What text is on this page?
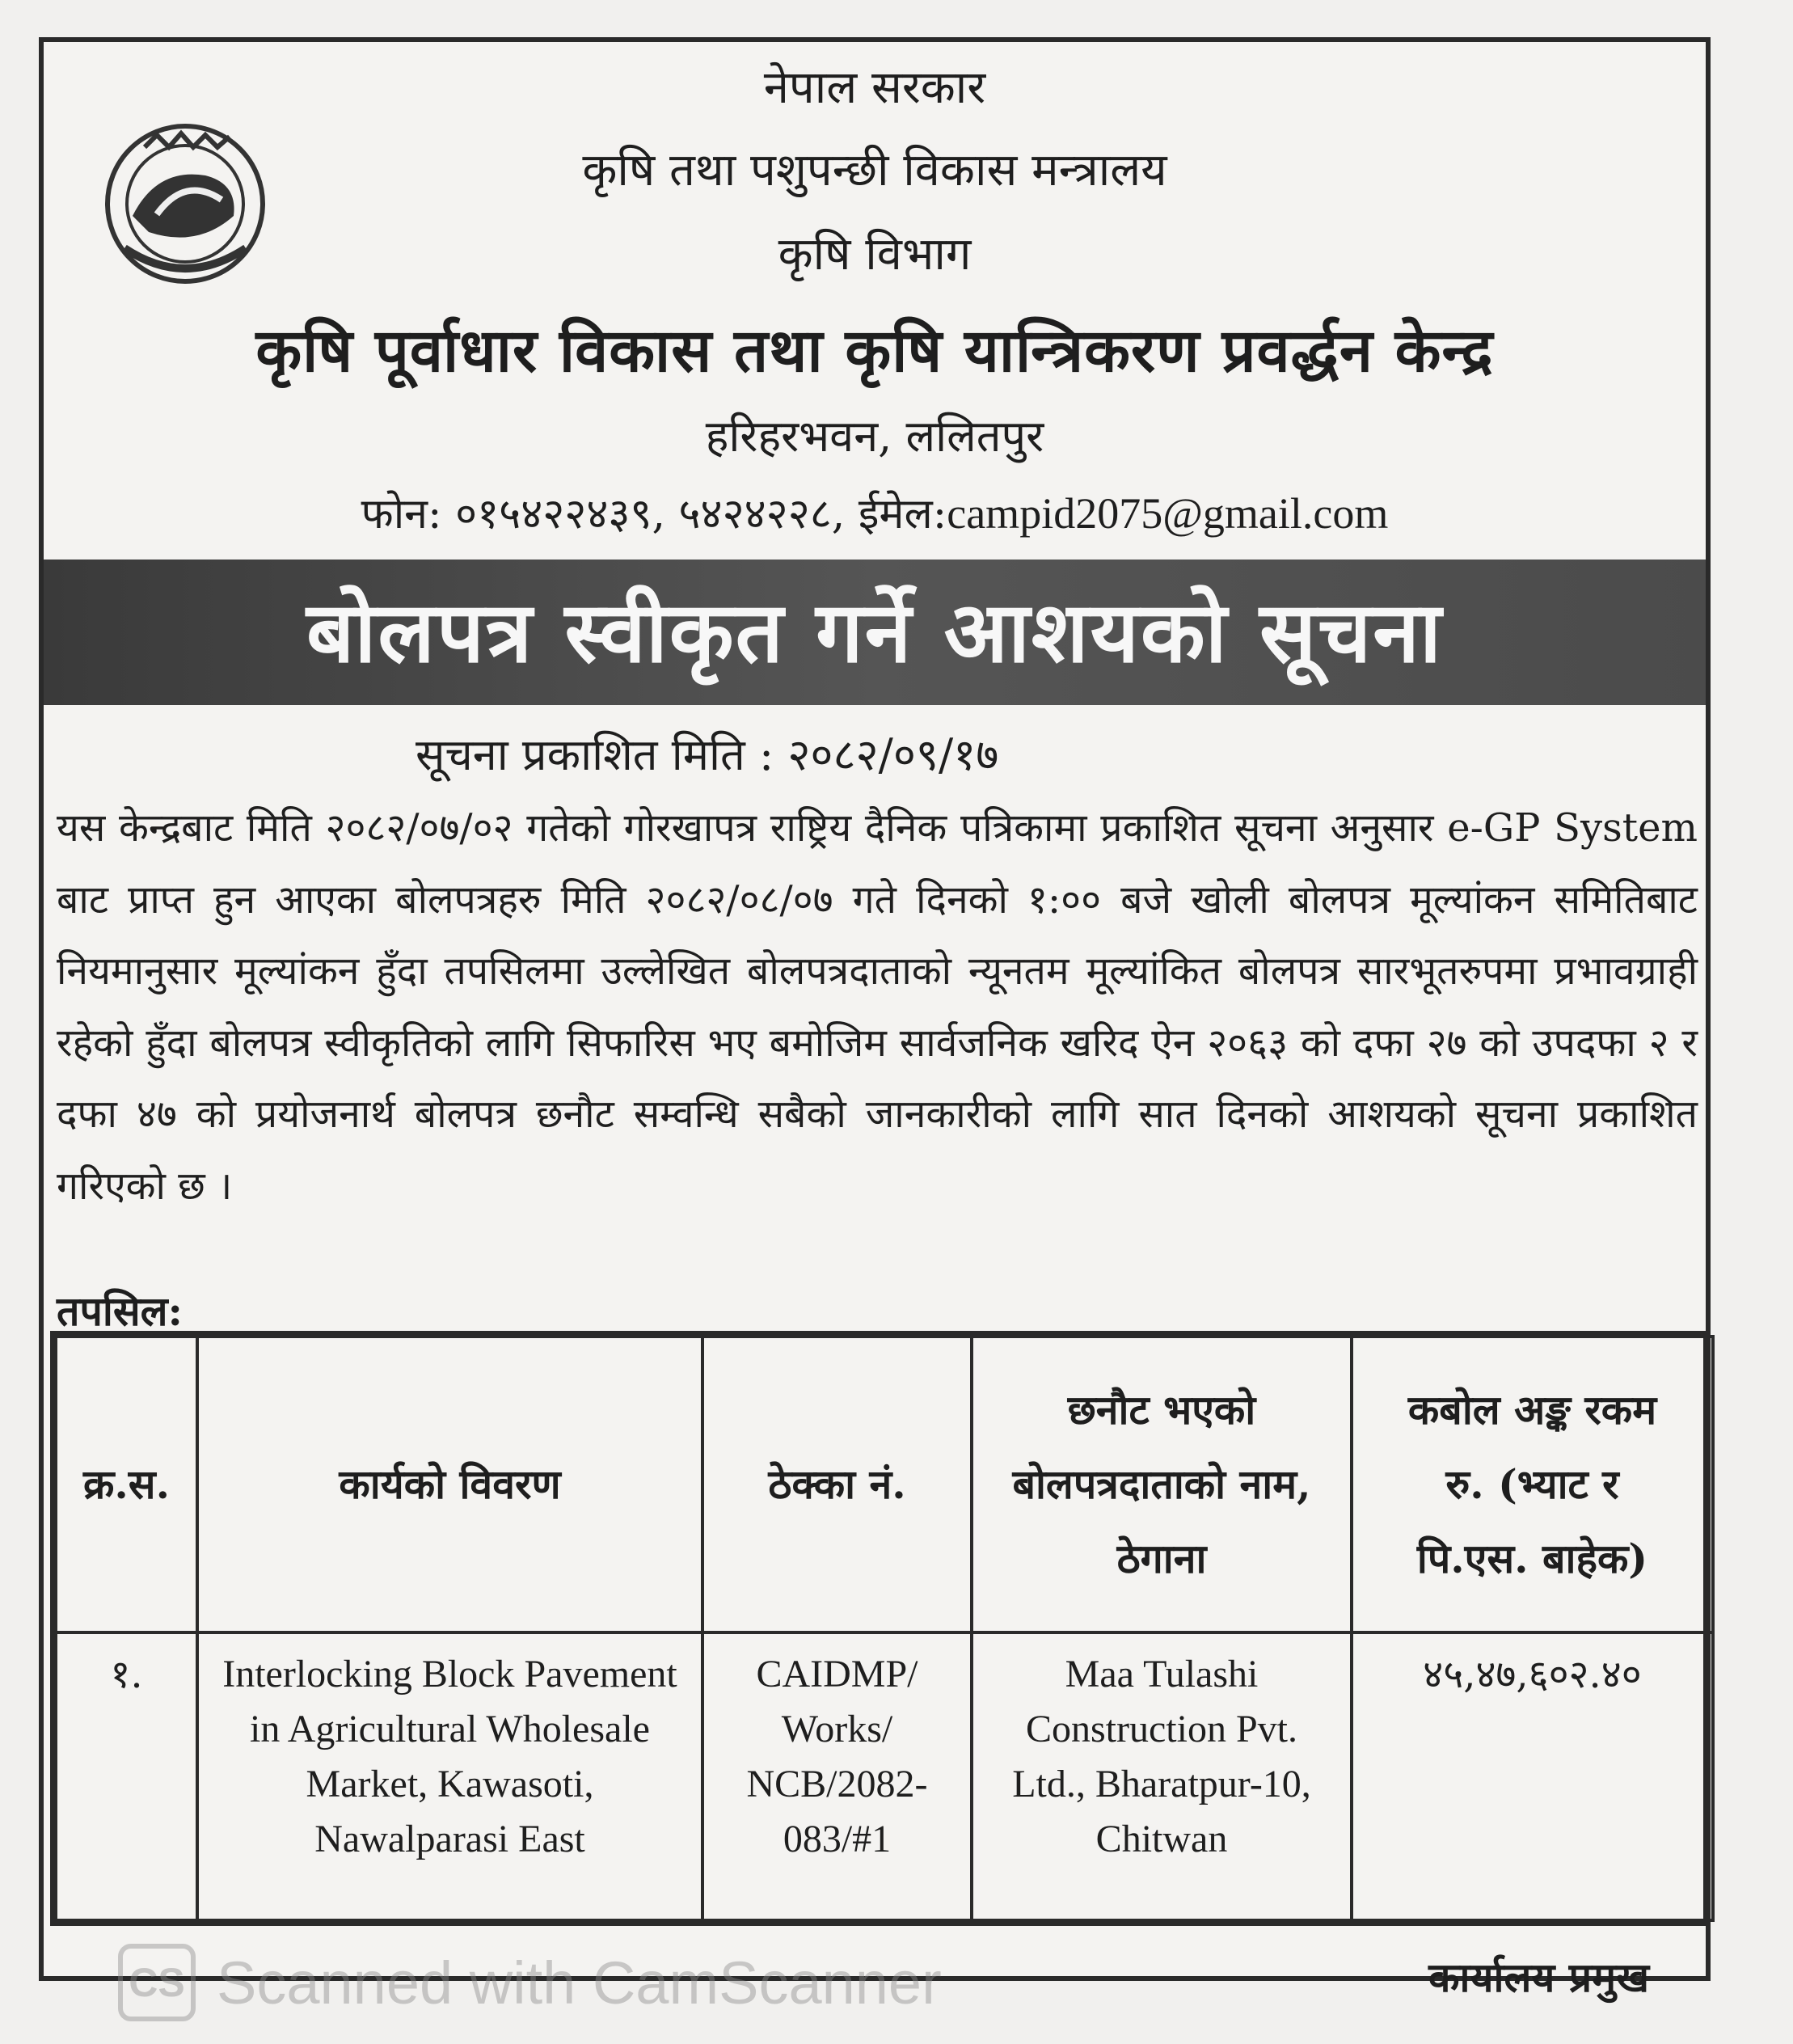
नेपाल सरकार
कृषि तथा पशुपन्छी विकास मन्त्रालय
कृषि विभाग
कृषि पूर्वाधार विकास तथा कृषि यान्त्रिकरण प्रवर्द्धन केन्द्र
हरिहरभवन, ललितपुर
फोन: ०१५४२२४३९, ५४२४२२८, ईमेल:campid2075@gmail.com
बोलपत्र स्वीकृत गर्ने आशयको सूचना
सूचना प्रकाशित मिति : २०८२/०९/१७
यस केन्द्रबाट मिति २०८२/०७/०२ गतेको गोरखापत्र राष्ट्रिय दैनिक पत्रिकामा प्रकाशित सूचना अनुसार e-GP System बाट प्राप्त हुन आएका बोलपत्रहरु मिति २०८२/०८/०७ गते दिनको १:०० बजे खोली बोलपत्र मूल्यांकन समितिबाट नियमानुसार मूल्यांकन हुँदा तपसिलमा उल्लेखित बोलपत्रदाताको न्यूनतम मूल्यांकित बोलपत्र सारभूतरुपमा प्रभावग्राही रहेको हुँदा बोलपत्र स्वीकृतिको लागि सिफारिस भए बमोजिम सार्वजनिक खरिद ऐन २०६३ को दफा २७ को उपदफा २ र दफा ४७ को प्रयोजनार्थ बोलपत्र छनौट सम्वन्धि सबैको जानकारीको लागि सात दिनको आशयको सूचना प्रकाशित गरिएको छ ।
तपसिल:
क्र.स.	कार्यको विवरण	ठेक्का नं.	छनौट भएको बोलपत्रदाताको नाम, ठेगाना	कबोल अङ्क रकम रु. (भ्याट र पि.एस. बाहेक)
१.	Interlocking Block Pavement in Agricultural Wholesale Market, Kawasoti, Nawalparasi East	CAIDMP/ Works/ NCB/2082- 083/#1	Maa Tulashi Construction Pvt. Ltd., Bharatpur-10, Chitwan	४५,४७,६०२.४०
कार्यालय प्रमुख
CS Scanned with CamScanner
